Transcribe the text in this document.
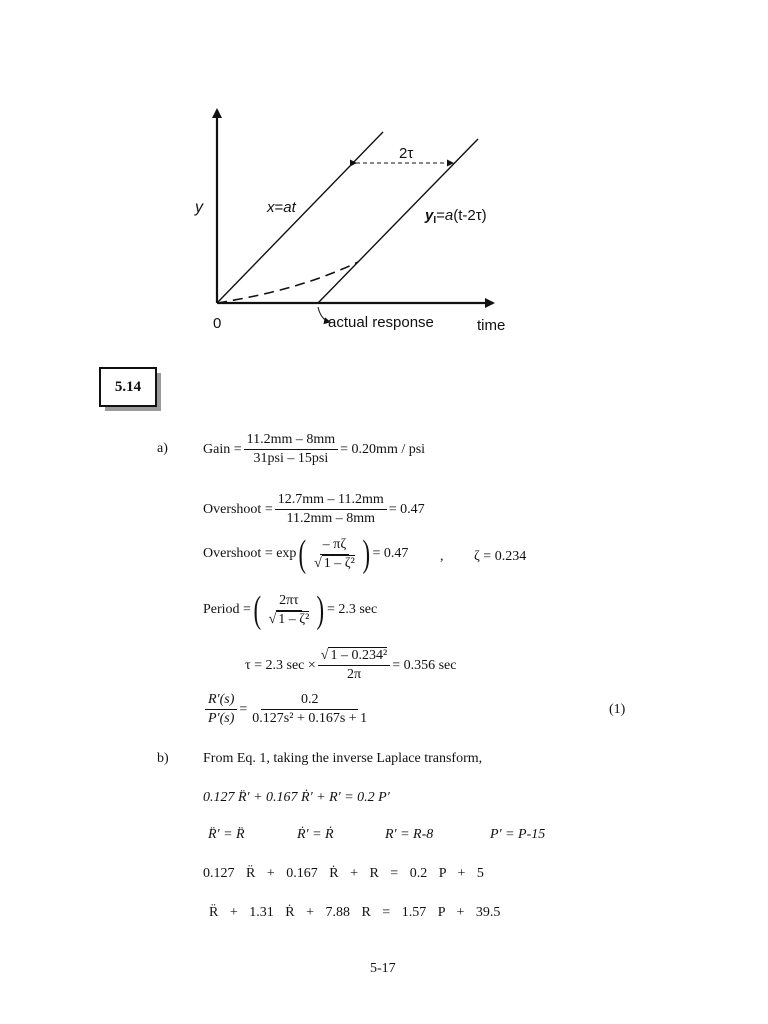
2τ
y	x=at	$y_I=a(t-2\tau)$
0	actual response	time
5.14
a)	Gain = $\frac{11.2mm - 8mm}{\text{31psi – 15psi}} = 0.20mm$ / psi
Overshoot = $\frac{12.7mm - 11.2mm}{11.2mm - 8mm} = 0.47$
Overshoot = exp ( $\frac{- \pi\zeta}{\text{√ 1 – ζ²}}$ ) = 0.47 , ζ = 0.234
Period = ( $\frac{2\pi\tau}{\text{√ 1 – ζ²}}$ ) = 2.3 sec
τ = 2.3 $\sec \times \frac{\text{√ 1 – 0.234²}}{2\pi} = 0.356$ sec
$\frac{R'(s)}{P'(s)} = \frac{0.2}{\text{0.127s² + 0.167s + 1}}$	(1)
b) From Eq. 1, taking the inverse Laplace transform,
0.127 R̈′ + 0.167 Ṙ′ + R′ = 0.2 P′
R̈′ = R̈	Ṙ′ = Ṙ	R′ = R-8	P′ = P-15
0.127 R̈ + 0.167 Ṙ + R = 0.2 P + 5
R̈ + 1.31 Ṙ + 7.88 R = 1.57 P + 39.5
5-17
